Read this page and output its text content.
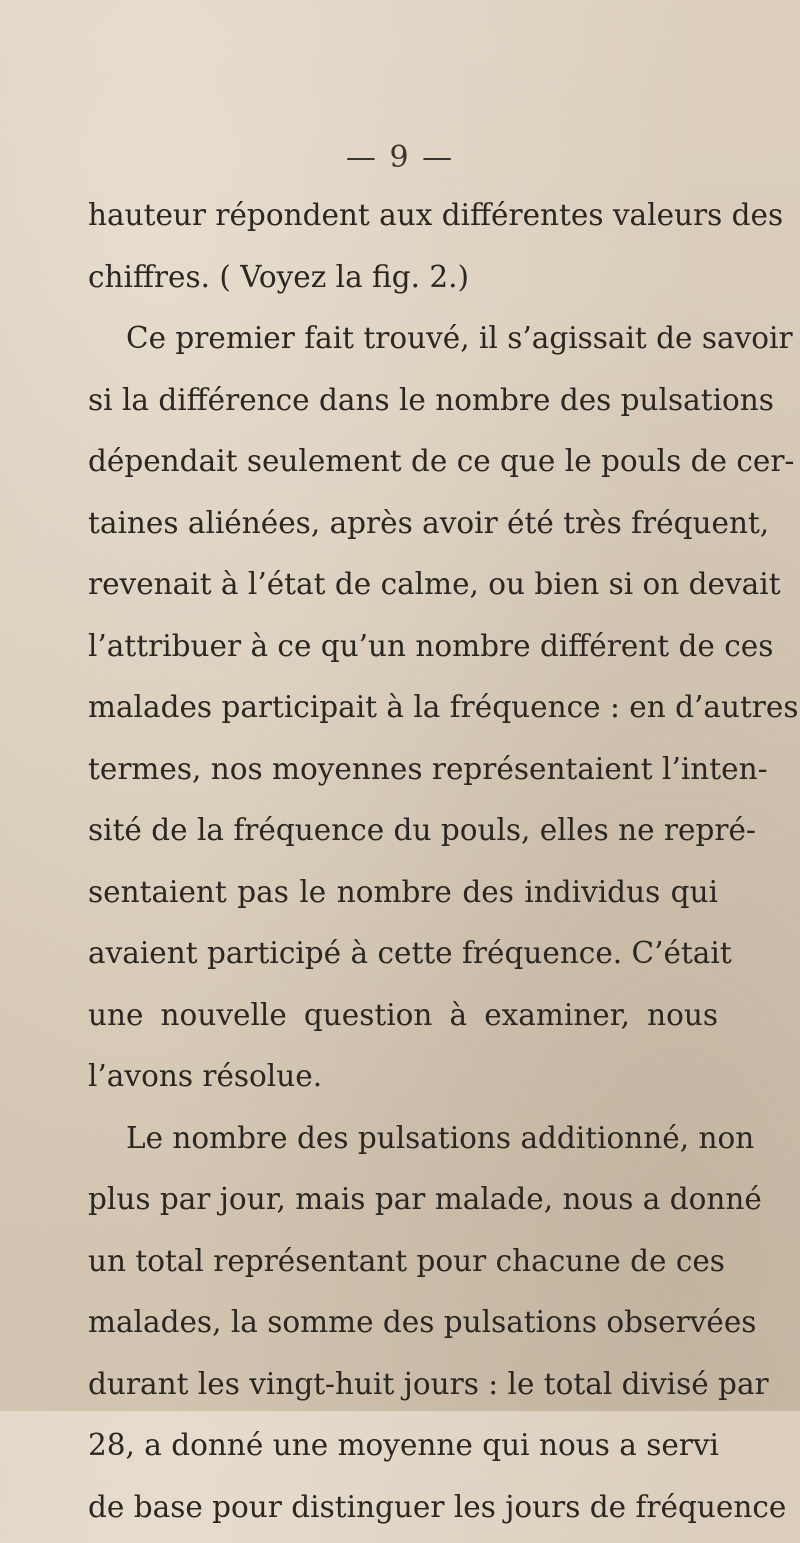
— 9 —
hauteur répondent aux différentes valeurs des
chiffres. ( Voyez la fig. 2.)
Ce premier fait trouvé, il s’agissait de savoir
si la différence dans le nombre des pulsations
dépendait seulement de ce que le pouls de cer-
taines aliénées, après avoir été très fréquent,
revenait à l’état de calme, ou bien si on devait
l’attribuer à ce qu’un nombre différent de ces
malades participait à la fréquence : en d’autres
termes, nos moyennes représentaient l’inten-
sité de la fréquence du pouls, elles ne repré-
sentaient pas le nombre des individus qui
avaient participé à cette fréquence. C’était
une nouvelle question à examiner, nous
l’avons résolue.
Le nombre des pulsations additionné, non
plus par jour, mais par malade, nous a donné
un total représentant pour chacune de ces
malades, la somme des pulsations observées
durant les vingt-huit jours : le total divisé par
28, a donné une moyenne qui nous a servi
de base pour distinguer les jours de fréquence
